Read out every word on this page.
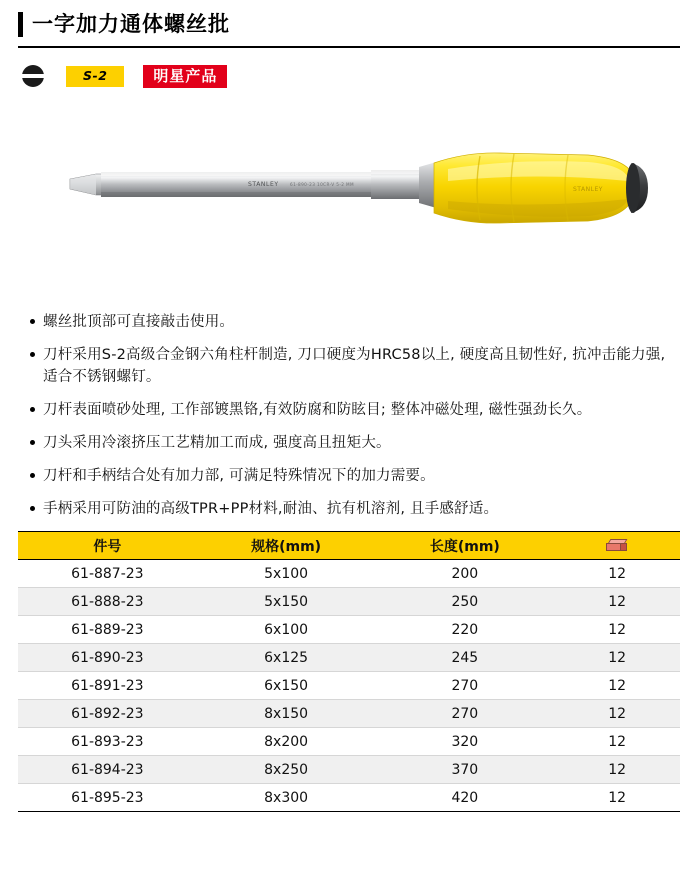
一字加力通体螺丝批
S-2	明星产品
STANLEY	61-890-23 10CR-V 5-2 MM
STANLEY
螺丝批顶部可直接敲击使用。
刀杆采用S-2高级合金钢六角柱杆制造, 刀口硬度为HRC58以上, 硬度高且韧性好, 抗冲击能力强,适合不锈钢螺钉。
刀杆表面喷砂处理, 工作部镀黑铬,有效防腐和防眩目; 整体冲磁处理, 磁性强劲长久。
刀头采用冷滚挤压工艺精加工而成, 强度高且扭矩大。
刀杆和手柄结合处有加力部, 可满足特殊情况下的加力需要。
手柄采用可防油的高级TPR+PP材料,耐油、抗有机溶剂, 且手感舒适。
件号	规格(mm)	长度(mm)	

61-887-23	5x100	200	12
61-888-23	5x150	250	12
61-889-23	6x100	220	12
61-890-23	6x125	245	12
61-891-23	6x150	270	12
61-892-23	8x150	270	12
61-893-23	8x200	320	12
61-894-23	8x250	370	12
61-895-23	8x300	420	12
